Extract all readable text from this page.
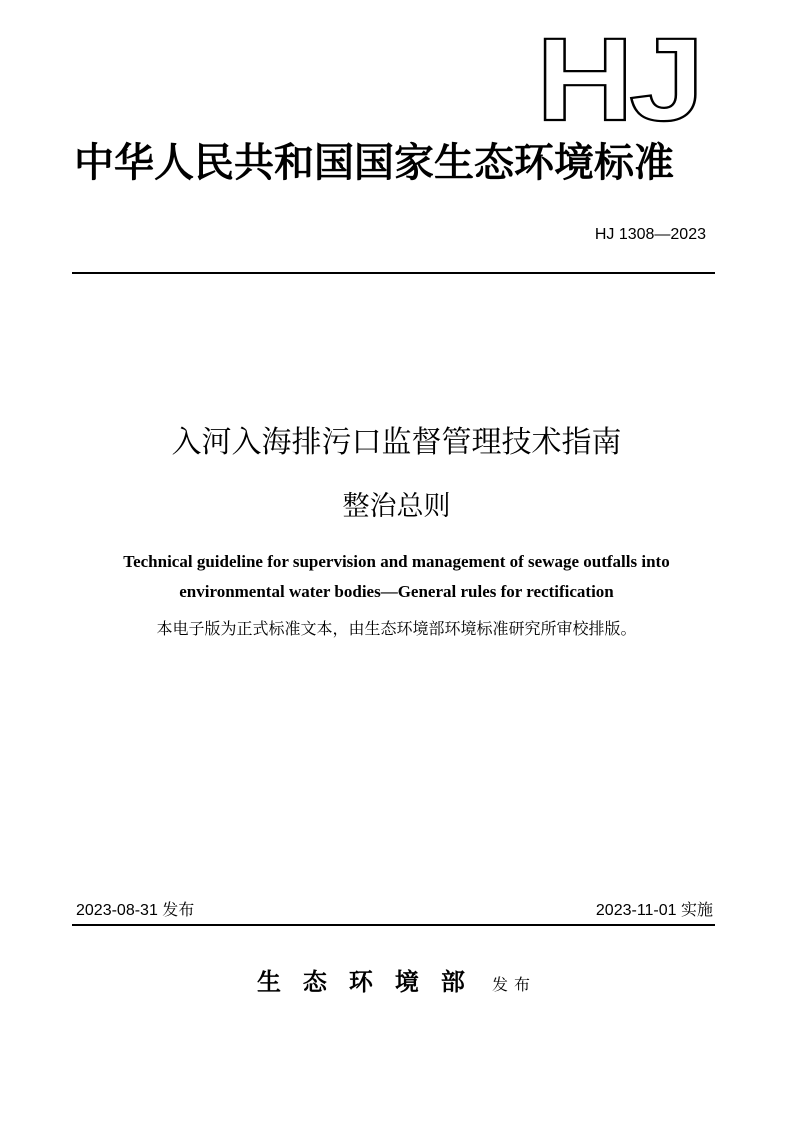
HJ
中华人民共和国国家生态环境标准
HJ 1308—2023
入河入海排污口监督管理技术指南
整治总则
Technical guideline for supervision and management of sewage outfalls into
environmental water bodies—General rules for rectification
本电子版为正式标准文本，由生态环境部环境标准研究所审校排版。
2023-08-31 发布	2023-11-01 实施
生态环境部 发布
